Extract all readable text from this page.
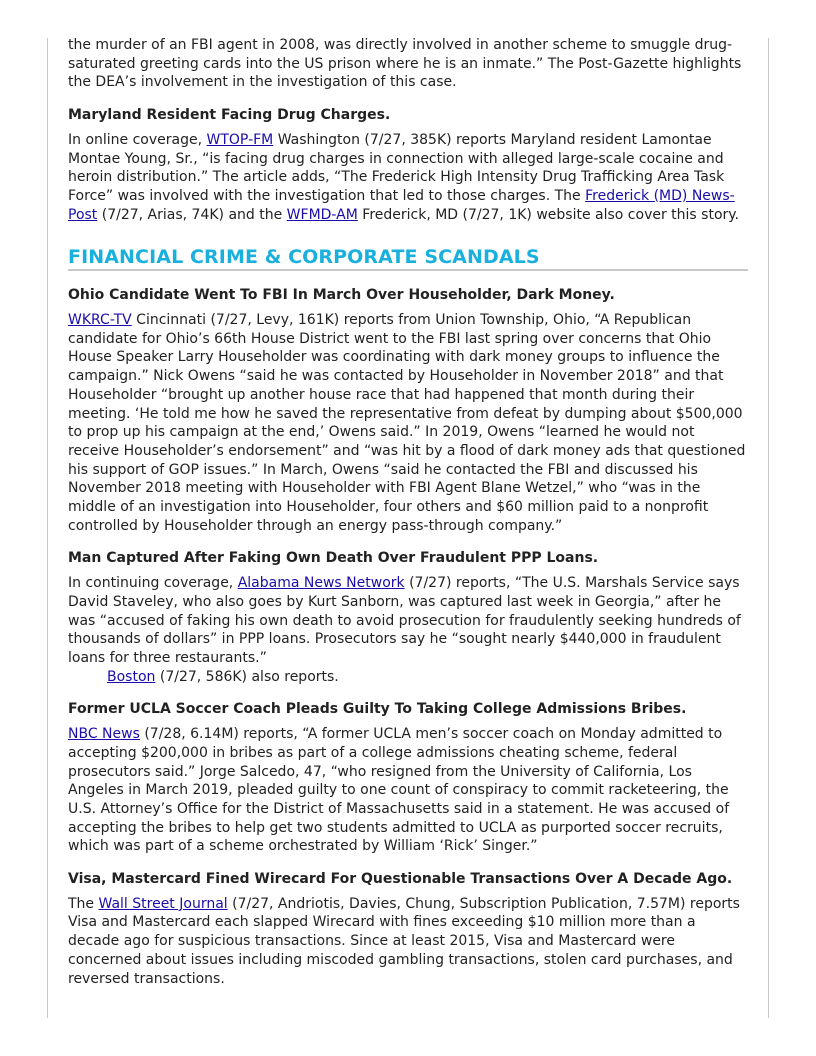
the murder of an FBI agent in 2008, was directly involved in another scheme to smuggle drug-saturated greeting cards into the US prison where he is an inmate.” The Post-Gazette highlights the DEA’s involvement in the investigation of this case.

Maryland Resident Facing Drug Charges.

In online coverage, WTOP-FM Washington (7/27, 385K) reports Maryland resident Lamontae Montae Young, Sr., “is facing drug charges in connection with alleged large-scale cocaine and heroin distribution.” The article adds, “The Frederick High Intensity Drug Trafficking Area Task Force” was involved with the investigation that led to those charges. The Frederick (MD) News-Post (7/27, Arias, 74K) and the WFMD-AM Frederick, MD (7/27, 1K) website also cover this story.

FINANCIAL CRIME & CORPORATE SCANDALS

Ohio Candidate Went To FBI In March Over Householder, Dark Money.

WKRC-TV Cincinnati (7/27, Levy, 161K) reports from Union Township, Ohio, “A Republican candidate for Ohio’s 66th House District went to the FBI last spring over concerns that Ohio House Speaker Larry Householder was coordinating with dark money groups to influence the campaign.” Nick Owens “said he was contacted by Householder in November 2018” and that Householder “brought up another house race that had happened that month during their meeting. ‘He told me how he saved the representative from defeat by dumping about $500,000 to prop up his campaign at the end,’ Owens said.” In 2019, Owens “learned he would not receive Householder’s endorsement” and “was hit by a flood of dark money ads that questioned his support of GOP issues.” In March, Owens “said he contacted the FBI and discussed his November 2018 meeting with Householder with FBI Agent Blane Wetzel,” who “was in the middle of an investigation into Householder, four others and $60 million paid to a nonprofit controlled by Householder through an energy pass-through company.”

Man Captured After Faking Own Death Over Fraudulent PPP Loans.

In continuing coverage, Alabama News Network (7/27) reports, “The U.S. Marshals Service says David Staveley, who also goes by Kurt Sanborn, was captured last week in Georgia,” after he was “accused of faking his own death to avoid prosecution for fraudulently seeking hundreds of thousands of dollars” in PPP loans. Prosecutors say he “sought nearly $440,000 in fraudulent loans for three restaurants.”

Boston (7/27, 586K) also reports.

Former UCLA Soccer Coach Pleads Guilty To Taking College Admissions Bribes.

NBC News (7/28, 6.14M) reports, “A former UCLA men’s soccer coach on Monday admitted to accepting $200,000 in bribes as part of a college admissions cheating scheme, federal prosecutors said.” Jorge Salcedo, 47, “who resigned from the University of California, Los Angeles in March 2019, pleaded guilty to one count of conspiracy to commit racketeering, the U.S. Attorney’s Office for the District of Massachusetts said in a statement. He was accused of accepting the bribes to help get two students admitted to UCLA as purported soccer recruits, which was part of a scheme orchestrated by William ‘Rick’ Singer.”

Visa, Mastercard Fined Wirecard For Questionable Transactions Over A Decade Ago.

The Wall Street Journal (7/27, Andriotis, Davies, Chung, Subscription Publication, 7.57M) reports Visa and Mastercard each slapped Wirecard with fines exceeding $10 million more than a decade ago for suspicious transactions. Since at least 2015, Visa and Mastercard were concerned about issues including miscoded gambling transactions, stolen card purchases, and reversed transactions.
